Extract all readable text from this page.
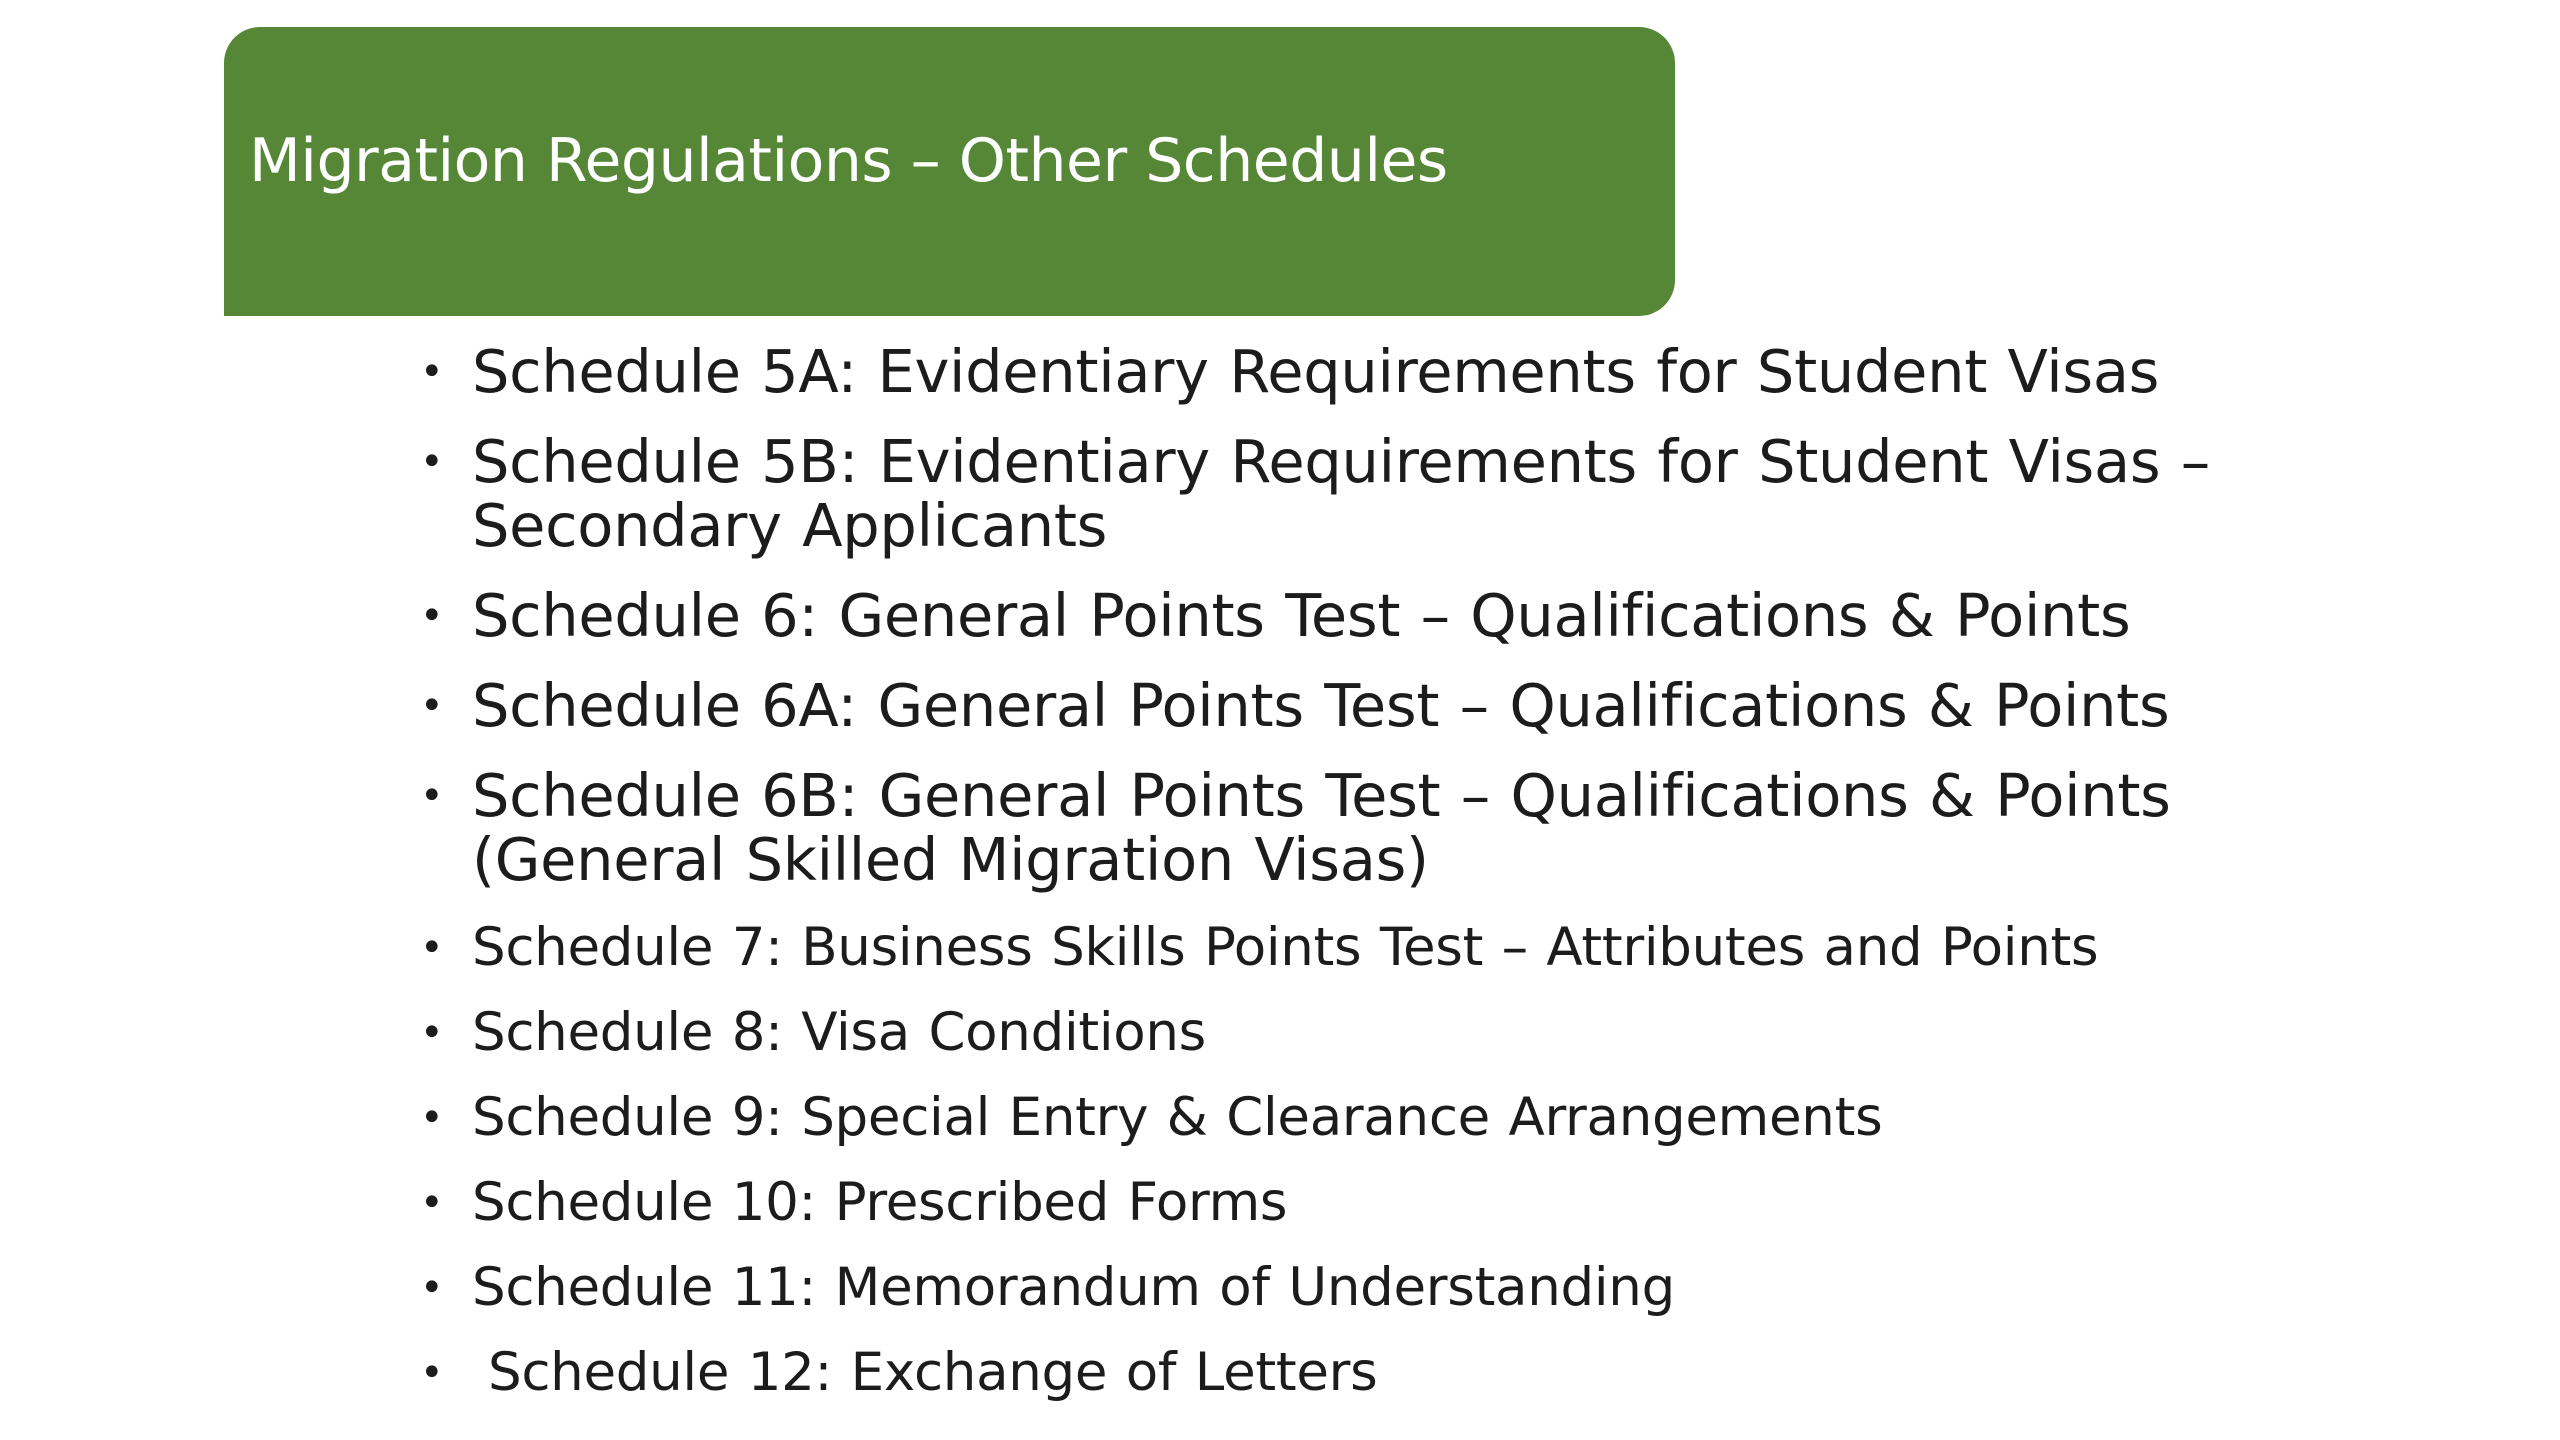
Migration Regulations – Other Schedules
• Schedule 5A: Evidentiary Requirements for Student Visas
• Schedule 5B: Evidentiary Requirements for Student Visas – Secondary Applicants
• Schedule 6: General Points Test – Qualifications & Points
• Schedule 6A: General Points Test – Qualifications & Points
• Schedule 6B: General Points Test – Qualifications & Points (General Skilled Migration Visas)
• Schedule 7: Business Skills Points Test – Attributes and Points
• Schedule 8: Visa Conditions
• Schedule 9: Special Entry & Clearance Arrangements
• Schedule 10: Prescribed Forms
• Schedule 11: Memorandum of Understanding
• Schedule 12: Exchange of Letters
